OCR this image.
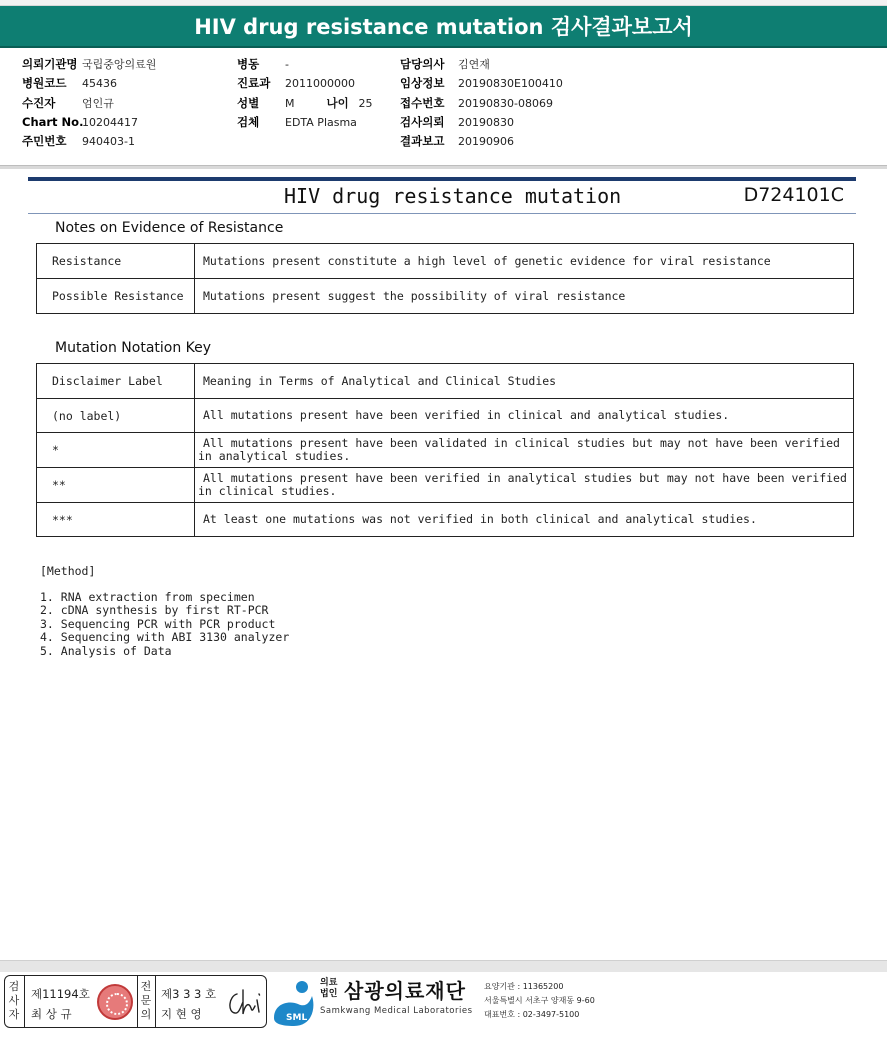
HIV drug resistance mutation 검사결과보고서
의뢰기관명 국립중앙의료원
병원코드 45436
수진자 엄인규
Chart No.10204417
주민번호 940403-1
병동 -
진료과 2011000000
성별 M	나이 25
검체 EDTA Plasma
담당의사 김연재
임상정보 20190830E100410
접수번호 20190830-08069
검사의뢰 20190830
결과보고 20190906
HIV drug resistance mutation	D724101C
Notes on Evidence of Resistance
Resistance	Mutations present constitute a high level of genetic evidence for viral resistance
Possible Resistance	Mutations present suggest the possibility of viral resistance
Mutation Notation Key
Disclaimer Label	Meaning in Terms of Analytical and Clinical Studies

(no label)	All mutations present have been verified in clinical and analytical studies.

*	All mutations present have been validated in clinical studies but may not have been verified
in analytical studies.

**	All mutations present have been verified in analytical studies but may not have been verified
in clinical studies.

***	At least one mutations was not verified in both clinical and analytical studies.
[Method]
1. RNA extraction from specimen
2. cDNA synthesis by first RT-PCR
3. Sequencing PCR with PCR product
4. Sequencing with ABI 3130 analyzer
5. Analysis of Data
검사자
제11194호
최 상 규
전문의
제3 3 3 호
지 현 영	SML
의료법인 삼광의료재단
Samkwang Medical Laboratories
요양기관 : 11365200
서울특별시 서초구 양재동 9-60
대표번호 : 02-3497-5100
